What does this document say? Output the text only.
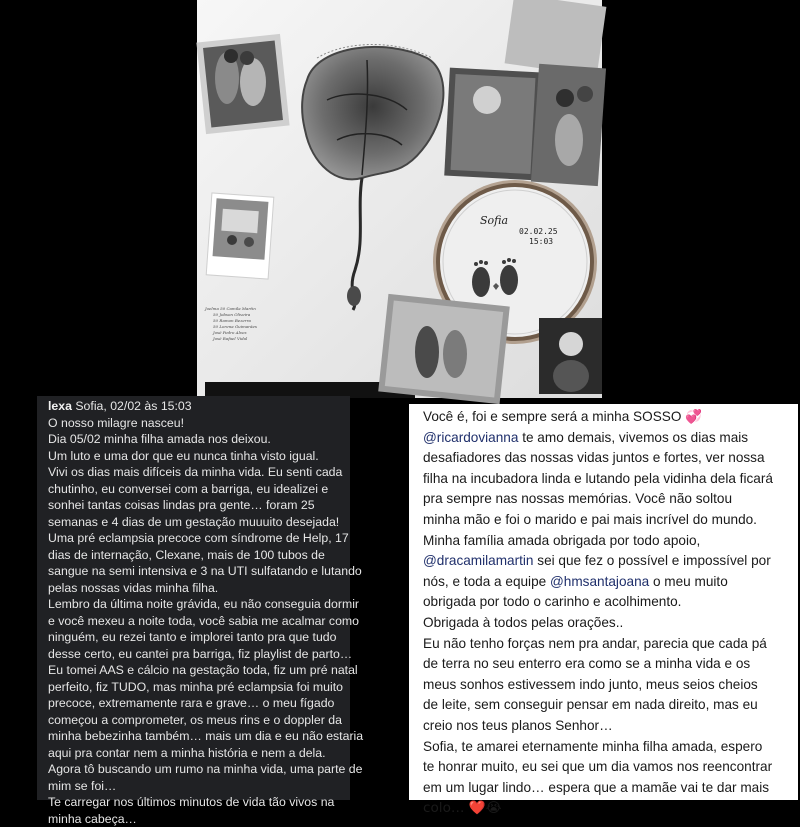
Sofia
02.02.25
15:03
Joelma 50 Camila Martin
50 Jobson Oliveira
50 Ramon Bezerra
50 Lorena Guimarães
José Pedro Alves
José Rafael Vidal
lexa Sofia, 02/02 às 15:03
O nosso milagre nasceu!
Dia 05/02 minha filha amada nos deixou.
Um luto e uma dor que eu nunca tinha visto igual.
Vivi os dias mais difíceis da minha vida. Eu senti cada
chutinho, eu conversei com a barriga, eu idealizei e
sonhei tantas coisas lindas pra gente… foram 25
semanas e 4 dias de um gestação muuuito desejada!
Uma pré eclampsia precoce com síndrome de Help, 17
dias de internação, Clexane, mais de 100 tubos de
sangue na semi intensiva e 3 na UTI sulfatando e lutando
pelas nossas vidas minha filha.
Lembro da última noite grávida, eu não conseguia dormir
e você mexeu a noite toda, você sabia me acalmar como
ninguém, eu rezei tanto e implorei tanto pra que tudo
desse certo, eu cantei pra barriga, fiz playlist de parto…
Eu tomei AAS e cálcio na gestação toda, fiz um pré natal
perfeito, fiz TUDO, mas minha pré eclampsia foi muito
precoce, extremamente rara e grave… o meu fígado
começou a comprometer, os meus rins e o doppler da
minha bebezinha também… mais um dia e eu não estaria
aqui pra contar nem a minha história e nem a dela.
Agora tô buscando um rumo na minha vida, uma parte de
mim se foi…
Te carregar nos últimos minutos de vida tão vivos na
minha cabeça…
Você é, foi e sempre será a minha SOSSO 💞
@ricardovianna te amo demais, vivemos os dias mais
desafiadores das nossas vidas juntos e fortes, ver nossa
filha na incubadora linda e lutando pela vidinha dela ficará
pra sempre nas nossas memórias. Você não soltou
minha mão e foi o marido e pai mais incrível do mundo.
Minha família amada obrigada por todo apoio,
@dracamilamartin sei que fez o possível e impossível por
nós, e toda a equipe @hmsantajoana o meu muito
obrigada por todo o carinho e acolhimento.
Obrigada à todos pelas orações..
Eu não tenho forças nem pra andar, parecia que cada pá
de terra no seu enterro era como se a minha vida e os
meus sonhos estivessem indo junto, meus seios cheios
de leite, sem conseguir pensar em nada direito, mas eu
creio nos teus planos Senhor…
Sofia, te amarei eternamente minha filha amada, espero
te honrar muito, eu sei que um dia vamos nos reencontrar
em um lugar lindo… espera que a mamãe vai te dar mais
colo… ❤️😭
